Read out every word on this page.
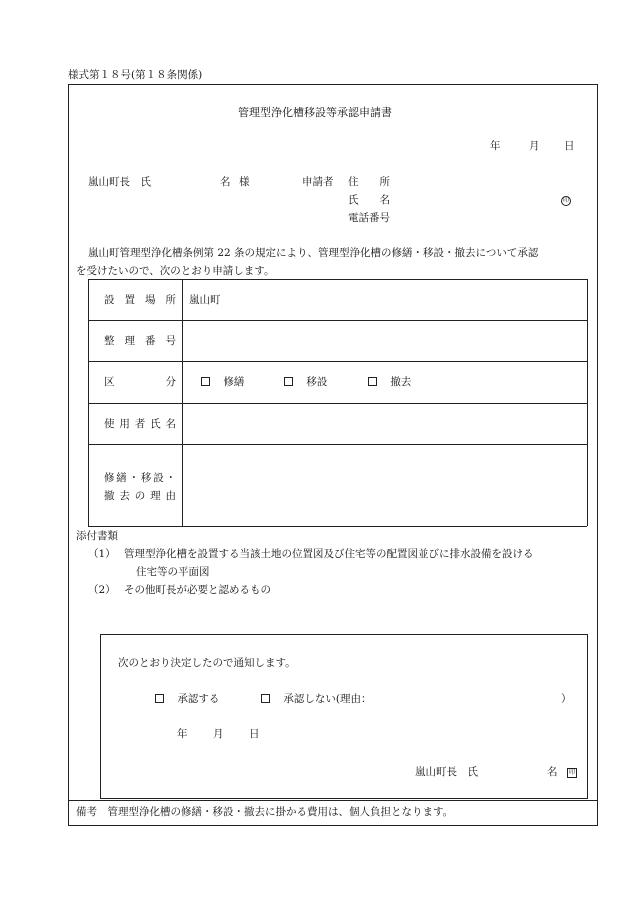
様式第１８号(第１８条関係)
管理型浄化槽移設等承認申請書
年	月 日
嵐山町長　氏	名 様	申請者 住　　所
氏　　名	印
電話番号
嵐山町管理型浄化槽条例第 22 条の規定により、管理型浄化槽の修繕・移設・撤去について承認
を受けたいので、次のとおり申請します。
設 置 場 所 嵐山町
整 理 番 号
区	分	修繕	移設	撤去
使 用 者 氏 名
修 繕 ・ 移 設 ・
撤 去 の 理 由
添付書類
（1） 管理型浄化槽を設置する当該土地の位置図及び住宅等の配置図並びに排水設備を設ける
住宅等の平面図
（2） その他町長が必要と認めるもの
次のとおり決定したので通知します。
承認する	承認しない(理由：	）
年 月 日
嵐山町長　氏	名	印
備考　管理型浄化槽の修繕・移設・撤去に掛かる費用は、個人負担となります。
